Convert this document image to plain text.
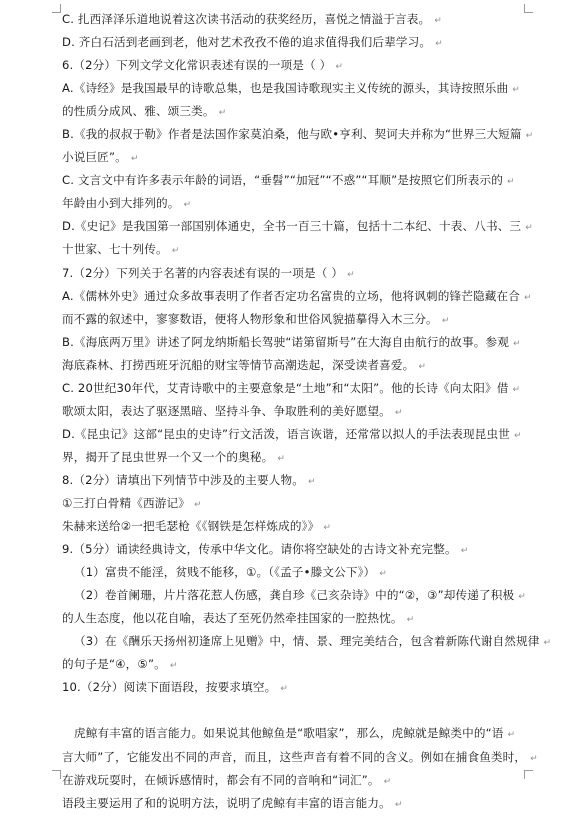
C. 扎西泽泽乐道地说着这次读书活动的获奖经历，喜悦之情溢于言表。 ↵
D. 齐白石活到老画到老，他对艺术孜孜不倦的追求值得我们后辈学习。 ↵
6.（2分）下列文学文化常识表述有误的一项是（ ） ↵
A.《诗经》是我国最早的诗歌总集，也是我国诗歌现实主义传统的源头，其诗按照乐曲 ↵
的性质分成风、雅、颂三类。 ↵
B.《我的叔叔于勒》作者是法国作家莫泊桑，他与欧•亨利、契诃夫并称为“世界三大短篇 ↵
小说巨匠”。 ↵
C. 文言文中有许多表示年龄的词语，“垂髫”“加冠”“不惑”“耳顺”是按照它们所表示的 ↵
年龄由小到大排列的。 ↵
D.《史记》是我国第一部国别体通史，全书一百三十篇，包括十二本纪、十表、八书、三 ↵
十世家、七十列传。 ↵
7.（2分）下列关于名著的内容表述有误的一项是（ ） ↵
A.《儒林外史》通过众多故事表明了作者否定功名富贵的立场，他将讽刺的锋芒隐藏在合 ↵
而不露的叙述中，寥寥数语，便将人物形象和世俗风貌描摹得入木三分。 ↵
B.《海底两万里》讲述了阿龙纳斯船长驾驶“诺第留斯号”在大海自由航行的故事。参观 ↵
海底森林、打捞西班牙沉船的财宝等情节高潮迭起，深受读者喜爱。 ↵
C. 20世纪30年代，艾青诗歌中的主要意象是“土地”和“太阳”。他的长诗《向太阳》借 ↵
歌颂太阳，表达了驱逐黑暗、坚持斗争、争取胜利的美好愿望。 ↵
D.《昆虫记》这部“昆虫的史诗”行文活泼，语言诙谐，还常常以拟人的手法表现昆虫世 ↵
界，揭开了昆虫世界一个又一个的奥秘。 ↵
8.（2分）请填出下列情节中涉及的主要人物。 ↵
①三打白骨精《西游记》 ↵
朱赫来送给②一把毛瑟枪《《钢铁是怎样炼成的》》 ↵
9.（5分）诵读经典诗文，传承中华文化。请你将空缺处的古诗文补充完整。 ↵
（1）富贵不能淫，贫贱不能移，①。（《孟子•滕文公下》） ↵
（2）卷首阑珊，片片落花惹人伤感，龚自珍《己亥杂诗》中的“②，③”却传递了积极 ↵
的人生态度，他以花自喻，表达了至死仍然牵挂国家的一腔热忱。 ↵
（3）在《酬乐天扬州初逢席上见赠》中，情、景、理完美结合，包含着新陈代谢自然规律 ↵
的句子是“④，⑤”。 ↵
10.（2分）阅读下面语段，按要求填空。 ↵
虎鲸有丰富的语言能力。如果说其他鲸鱼是“歌唱家”，那么，虎鲸就是鲸类中的“语 ↵
言大师”了，它能发出不同的声音，而且，这些声音有着不同的含义。例如在捕食鱼类时， ↵
在游戏玩耍时，在倾诉感情时，都会有不同的音响和“词汇”。 ↵
语段主要运用了和的说明方法，说明了虎鲸有丰富的语言能力。 ↵
